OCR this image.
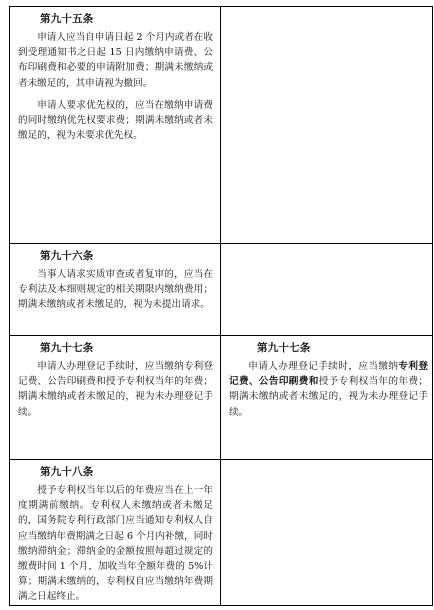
第九十五条

申请人应当自申请日起 2 个月内或者在收到受理通知书之日起 15 日内缴纳申请费、公布印刷费和必要的申请附加费；期满未缴纳或者未缴足的，其申请视为撤回。

申请人要求优先权的，应当在缴纳申请费的同时缴纳优先权要求费；期满未缴纳或者未缴足的，视为未要求优先权。

第九十六条

当事人请求实质审查或者复审的，应当在专利法及本细则规定的相关期限内缴纳费用；期满未缴纳或者未缴足的，视为未提出请求。

第九十七条

申请人办理登记手续时，应当缴纳专利登记费、公告印刷费和授予专利权当年的年费；期满未缴纳或者未缴足的，视为未办理登记手续。

第九十七条

申请人办理登记手续时，应当缴纳专利登记费、公告印刷费和授予专利权当年的年费；期满未缴纳或者未缴足的，视为未办理登记手续。

第九十八条

授予专利权当年以后的年费应当在上一年度期满前缴纳。专利权人未缴纳或者未缴足的，国务院专利行政部门应当通知专利权人自应当缴纳年费期满之日起 6 个月内补缴，同时缴纳滞纳金；滞纳金的金额按照每超过规定的缴费时间 1 个月，加收当年全额年费的 5%计算；期满未缴纳的，专利权自应当缴纳年费期满之日起终止。
